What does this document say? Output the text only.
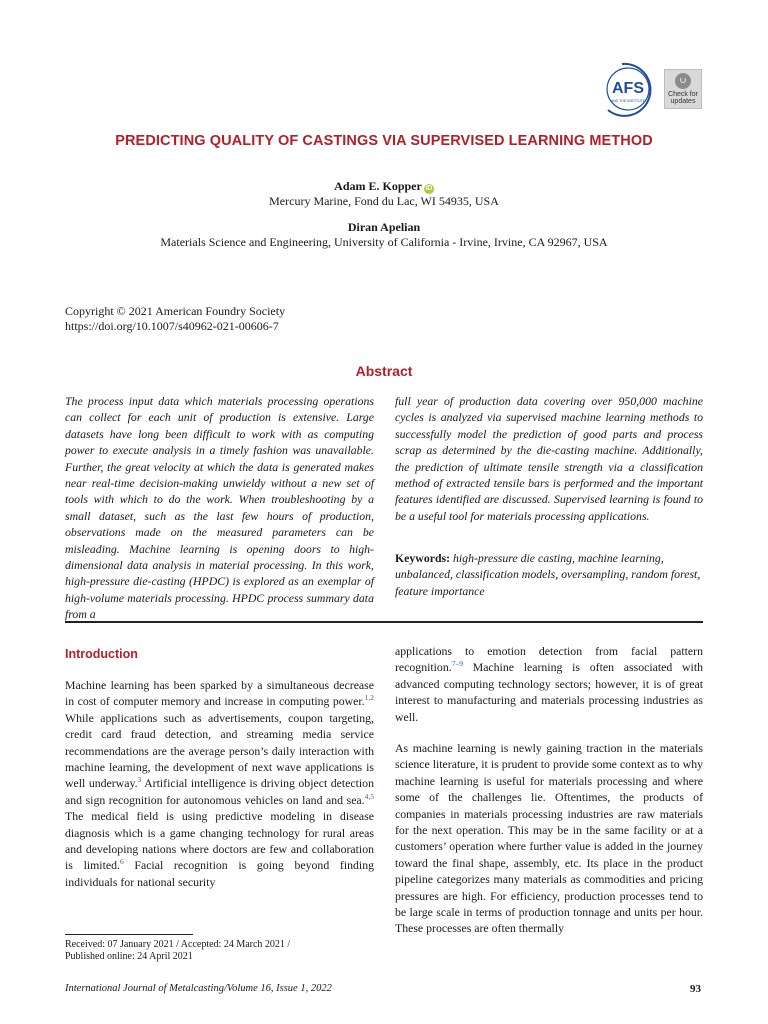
AFS
AND THE INSTITUTE
Check for
updates
PREDICTING QUALITY OF CASTINGS VIA SUPERVISED LEARNING METHOD
Adam E. Kopper iD
Mercury Marine, Fond du Lac, WI 54935, USA
Diran Apelian
Materials Science and Engineering, University of California - Irvine, Irvine, CA 92967, USA
Copyright © 2021 American Foundry Society
https://doi.org/10.1007/s40962-021-00606-7
Abstract
The process input data which materials processing operations can collect for each unit of production is extensive. Large datasets have long been difficult to work with as computing power to execute analysis in a timely fashion was unavailable. Further, the great velocity at which the data is generated makes near real-time decision-making unwieldy without a new set of tools with which to do the work. When troubleshooting by a small dataset, such as the last few hours of production, observations made on the measured parameters can be misleading. Machine learning is opening doors to high-dimensional data analysis in material processing. In this work, high-pressure die-casting (HPDC) is explored as an exemplar of high-volume materials processing. HPDC process summary data from a
full year of production data covering over 950,000 machine cycles is analyzed via supervised machine learning methods to successfully model the prediction of good parts and process scrap as determined by the die-casting machine. Additionally, the prediction of ultimate tensile strength via a classification method of extracted tensile bars is performed and the important features identified are discussed. Supervised learning is found to be a useful tool for materials processing applications.
Keywords: high-pressure die casting, machine learning, unbalanced, classification models, oversampling, random forest, feature importance
Introduction
Machine learning has been sparked by a simultaneous decrease in cost of computer memory and increase in computing power.$^{1,2}$ While applications such as advertisements, coupon targeting, credit card fraud detection, and streaming media service recommendations are the average person’s daily interaction with machine learning, the development of next wave applications is well underway.$^3$ Artificial intelligence is driving object detection and sign recognition for autonomous vehicles on land and sea.$^{4,5}$ The medical field is using predictive modeling in disease diagnosis which is a game changing technology for rural areas and developing nations where doctors are few and collaboration is limited.$^6$ Facial recognition is going beyond finding individuals for national security
applications to emotion detection from facial pattern recognition.$^{7-9}$ Machine learning is often associated with advanced computing technology sectors; however, it is of great interest to manufacturing and materials processing industries as well.
As machine learning is newly gaining traction in the materials science literature, it is prudent to provide some context as to why machine learning is useful for materials processing and where some of the challenges lie. Oftentimes, the products of companies in materials processing industries are raw materials for the next operation. This may be in the same facility or at a customers’ operation where further value is added in the journey toward the final shape, assembly, etc. Its place in the product pipeline categorizes many materials as commodities and pricing pressures are high. For efficiency, production processes tend to be large scale in terms of production tonnage and units per hour. These processes are often thermally
Received: 07 January 2021 / Accepted: 24 March 2021 /
Published online: 24 April 2021
International Journal of Metalcasting/Volume 16, Issue 1, 2022	93
